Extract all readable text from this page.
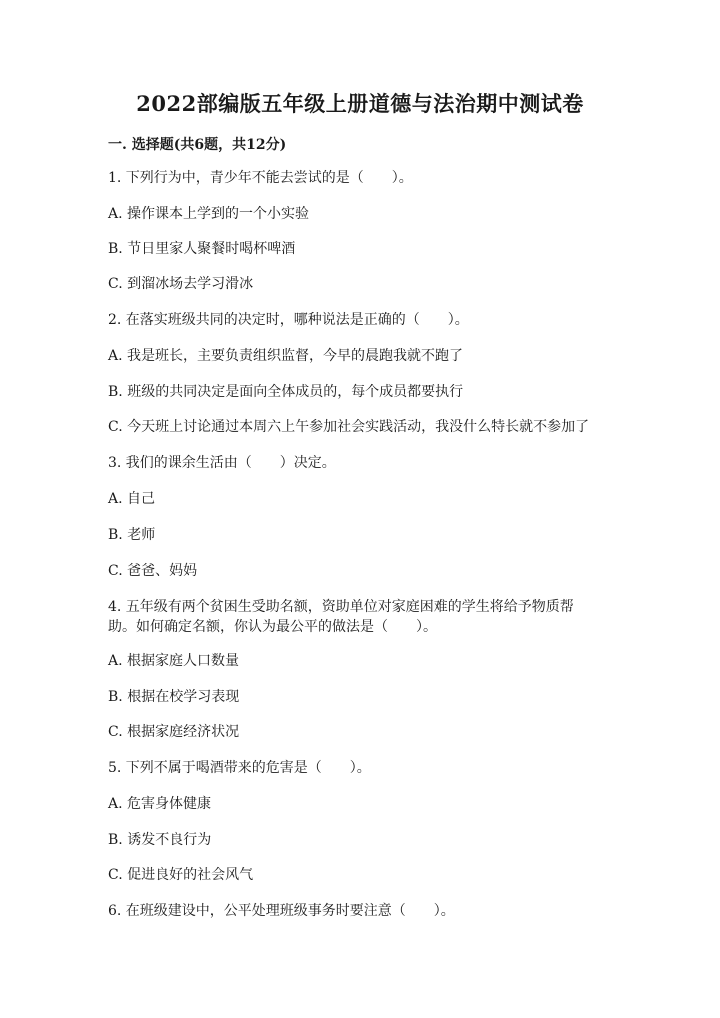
2022部编版五年级上册道德与法治期中测试卷
一. 选择题(共6题，共12分)
1. 下列行为中，青少年不能去尝试的是（　　）。
A. 操作课本上学到的一个小实验
B. 节日里家人聚餐时喝杯啤酒
C. 到溜冰场去学习滑冰
2. 在落实班级共同的决定时，哪种说法是正确的（　　）。
A. 我是班长，主要负责组织监督，今早的晨跑我就不跑了
B. 班级的共同决定是面向全体成员的，每个成员都要执行
C. 今天班上讨论通过本周六上午参加社会实践活动，我没什么特长就不参加了
3. 我们的课余生活由（　　）决定。
A. 自己
B. 老师
C. 爸爸、妈妈
4. 五年级有两个贫困生受助名额，资助单位对家庭困难的学生将给予物质帮
助。如何确定名额，你认为最公平的做法是（　　）。
A. 根据家庭人口数量
B. 根据在校学习表现
C. 根据家庭经济状况
5. 下列不属于喝酒带来的危害是（　　）。
A. 危害身体健康
B. 诱发不良行为
C. 促进良好的社会风气
6. 在班级建设中，公平处理班级事务时要注意（　　）。
